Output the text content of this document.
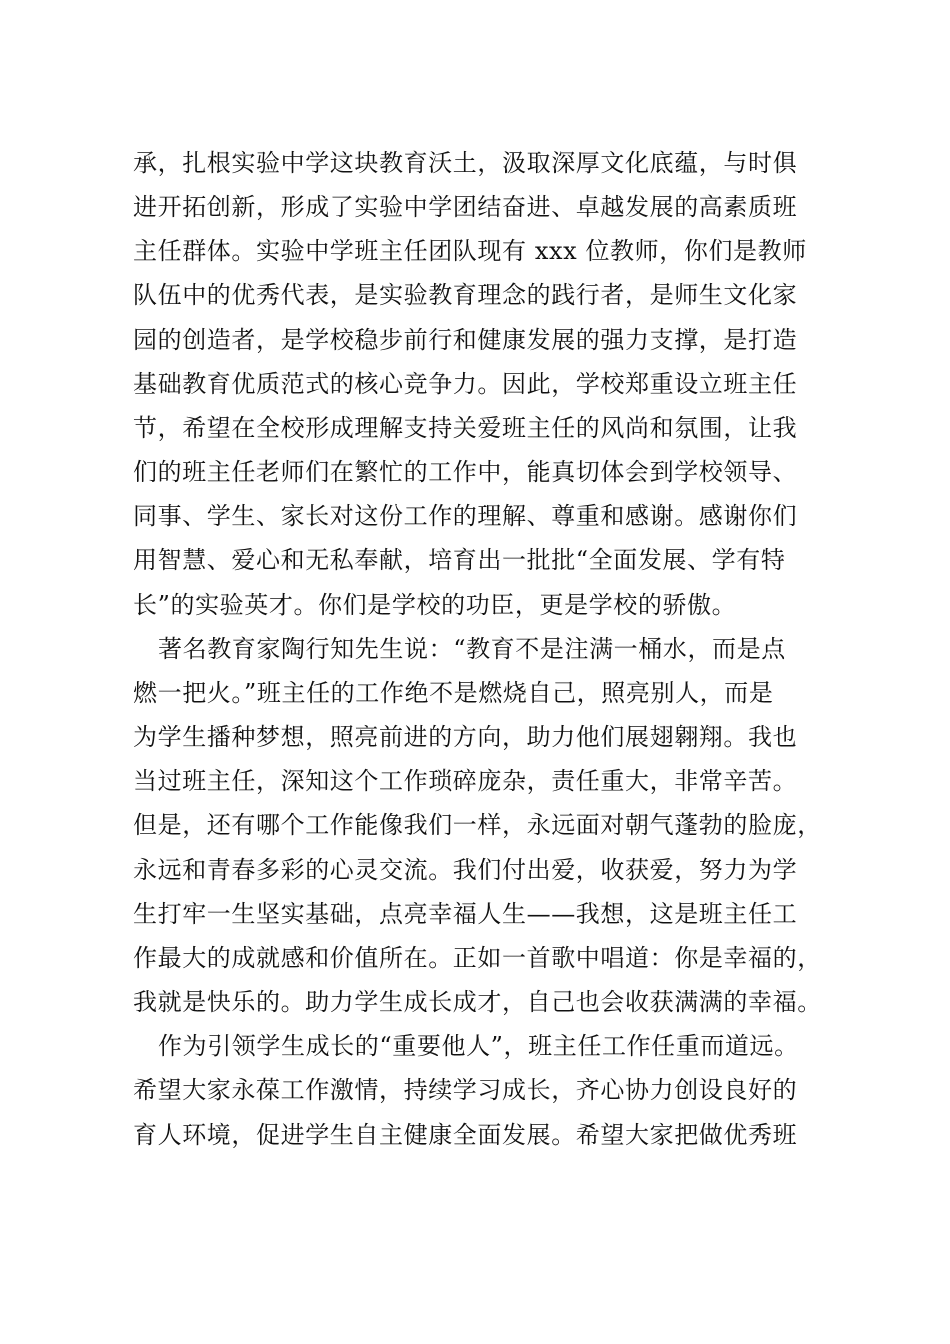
承，扎根实验中学这块教育沃土，汲取深厚文化底蕴，与时俱
进开拓创新，形成了实验中学团结奋进、卓越发展的高素质班
主任群体。实验中学班主任团队现有 xxx 位教师，你们是教师
队伍中的优秀代表，是实验教育理念的践行者，是师生文化家
园的创造者，是学校稳步前行和健康发展的强力支撑，是打造
基础教育优质范式的核心竞争力。因此，学校郑重设立班主任
节，希望在全校形成理解支持关爱班主任的风尚和氛围，让我
们的班主任老师们在繁忙的工作中，能真切体会到学校领导、
同事、学生、家长对这份工作的理解、尊重和感谢。感谢你们
用智慧、爱心和无私奉献，培育出一批批“全面发展、学有特
长”的实验英才。你们是学校的功臣，更是学校的骄傲。
著名教育家陶行知先生说：“教育不是注满一桶水，而是点
燃一把火。”班主任的工作绝不是燃烧自己，照亮别人，而是
为学生播种梦想，照亮前进的方向，助力他们展翅翱翔。我也
当过班主任，深知这个工作琐碎庞杂，责任重大，非常辛苦。
但是，还有哪个工作能像我们一样，永远面对朝气蓬勃的脸庞，
永远和青春多彩的心灵交流。我们付出爱，收获爱，努力为学
生打牢一生坚实基础，点亮幸福人生——我想，这是班主任工
作最大的成就感和价值所在。正如一首歌中唱道：你是幸福的，
我就是快乐的。助力学生成长成才，自己也会收获满满的幸福。
作为引领学生成长的“重要他人”，班主任工作任重而道远。
希望大家永葆工作激情，持续学习成长，齐心协力创设良好的
育人环境，促进学生自主健康全面发展。希望大家把做优秀班
